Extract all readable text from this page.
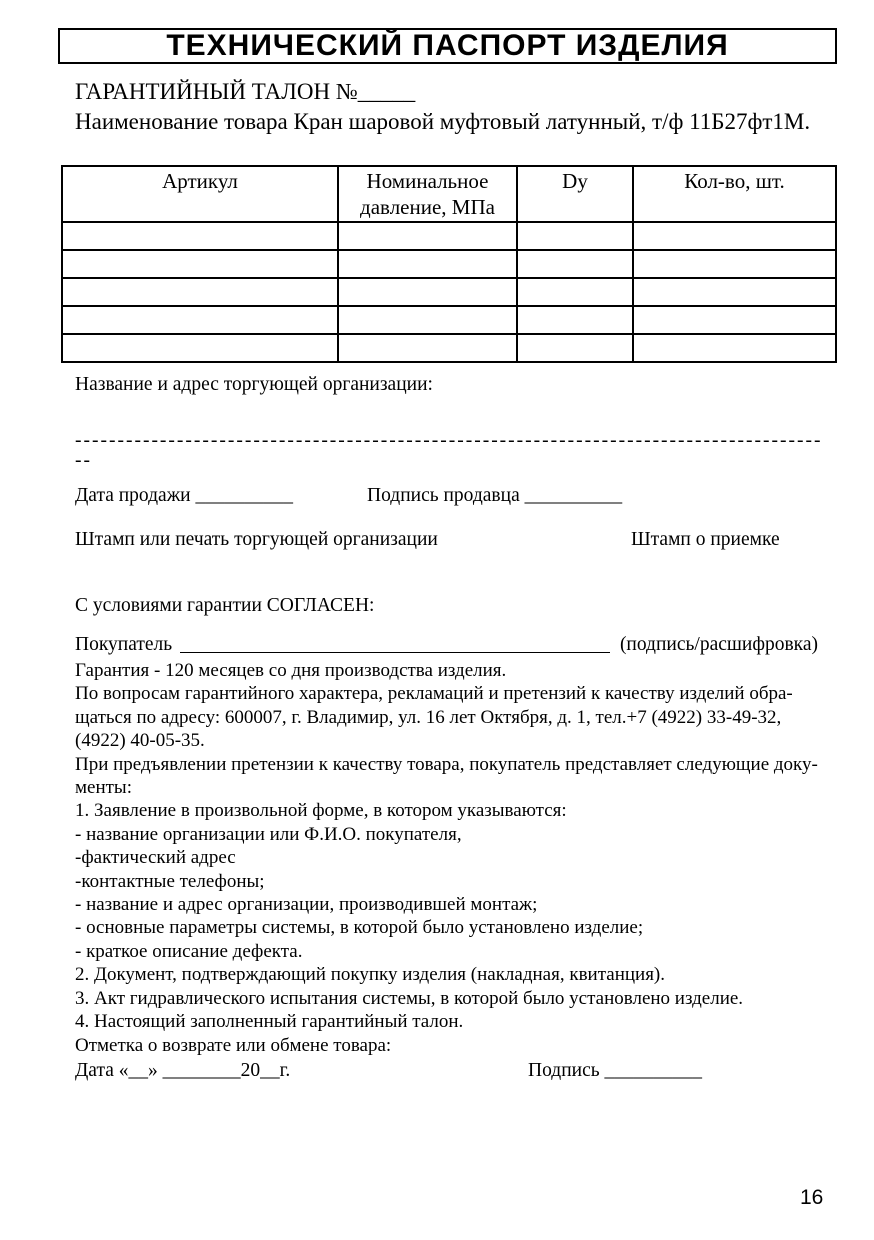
ТЕХНИЧЕСКИЙ ПАСПОРТ ИЗДЕЛИЯ
ГАРАНТИЙНЫЙ ТАЛОН №_____
Наименование товара Кран шаровой муфтовый латунный, т/ф 11Б27фт1М.
Артикул	Номинальное давление, МПа	Dy	Кол-во, шт.

Название и адрес торгующей организации:
----------------------------------------------------------------------------------------
--
Дата продажи __________	Подпись продавца __________
Штамп или печать торгующей организации	Штамп о приемке
С условиями гарантии СОГЛАСЕН:
Покупатель	(подпись/расшифровка)
Гарантия - 120 месяцев со дня производства изделия.
По вопросам гарантийного характера, рекламаций и претензий к качеству изделий обра-
щаться по адресу: 600007, г. Владимир, ул. 16 лет Октября, д. 1, тел.+7 (4922) 33-49-32,
(4922) 40-05-35.
При предъявлении претензии к качеству товара, покупатель представляет следующие доку-
менты:
1. Заявление в произвольной форме, в котором указываются:
- название организации или Ф.И.О. покупателя,
-фактический адрес
-контактные телефоны;
- название и адрес организации, производившей монтаж;
- основные параметры системы, в которой было установлено изделие;
- краткое описание дефекта.
2. Документ, подтверждающий покупку изделия (накладная, квитанция).
3. Акт гидравлического испытания системы, в которой было установлено изделие.
4. Настоящий заполненный гарантийный талон.
Отметка о возврате или обмене товара:
Дата «__» ________20__г.	Подпись __________
16
